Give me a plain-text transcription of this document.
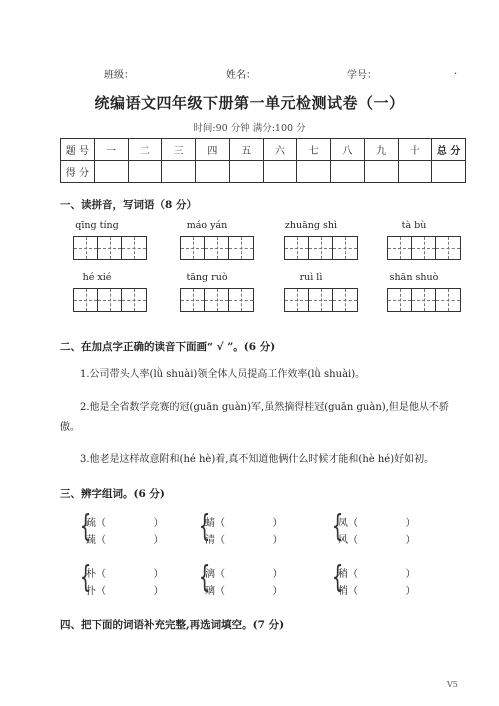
班级：	姓名：	学号：	.
统编语文四年级下册第一单元检测试卷（一）
时间:90 分钟 满分:100 分
题 号	一	二	三	四	五	六	七	八	九	十	总 分
得 分											
一、读拼音，写词语（8 分）
qīng tíng	máo yán	zhuāng shì	tà bù
hé xié	tāng ruò	ruì lì	shān shuò
二、在加点字正确的读音下面画“ √ ”。(6 分)
1.公司带头人率(lǜ shuài)领全体人员提高工作效率(lǜ shuài)。
2.他是全省数学竞赛的冠(guān guàn)军,虽然摘得桂冠(guān guàn),但是他从不骄
傲。
3.他老是这样故意附和(hé hè)着,真不知道他俩什么时候才能和(hè hé)好如初。
三、辨字组词。(6 分)
{
疏（               ）
蔬（               ） {
蜻（               ）
清（               ） {
凤（               ）
风（               ）
{
朴（               ）
扑（               ） {
漓（               ）
璃（               ） {
稍（               ）
梢（               ）
四、把下面的词语补充完整,再选词填空。(7 分)
V5
